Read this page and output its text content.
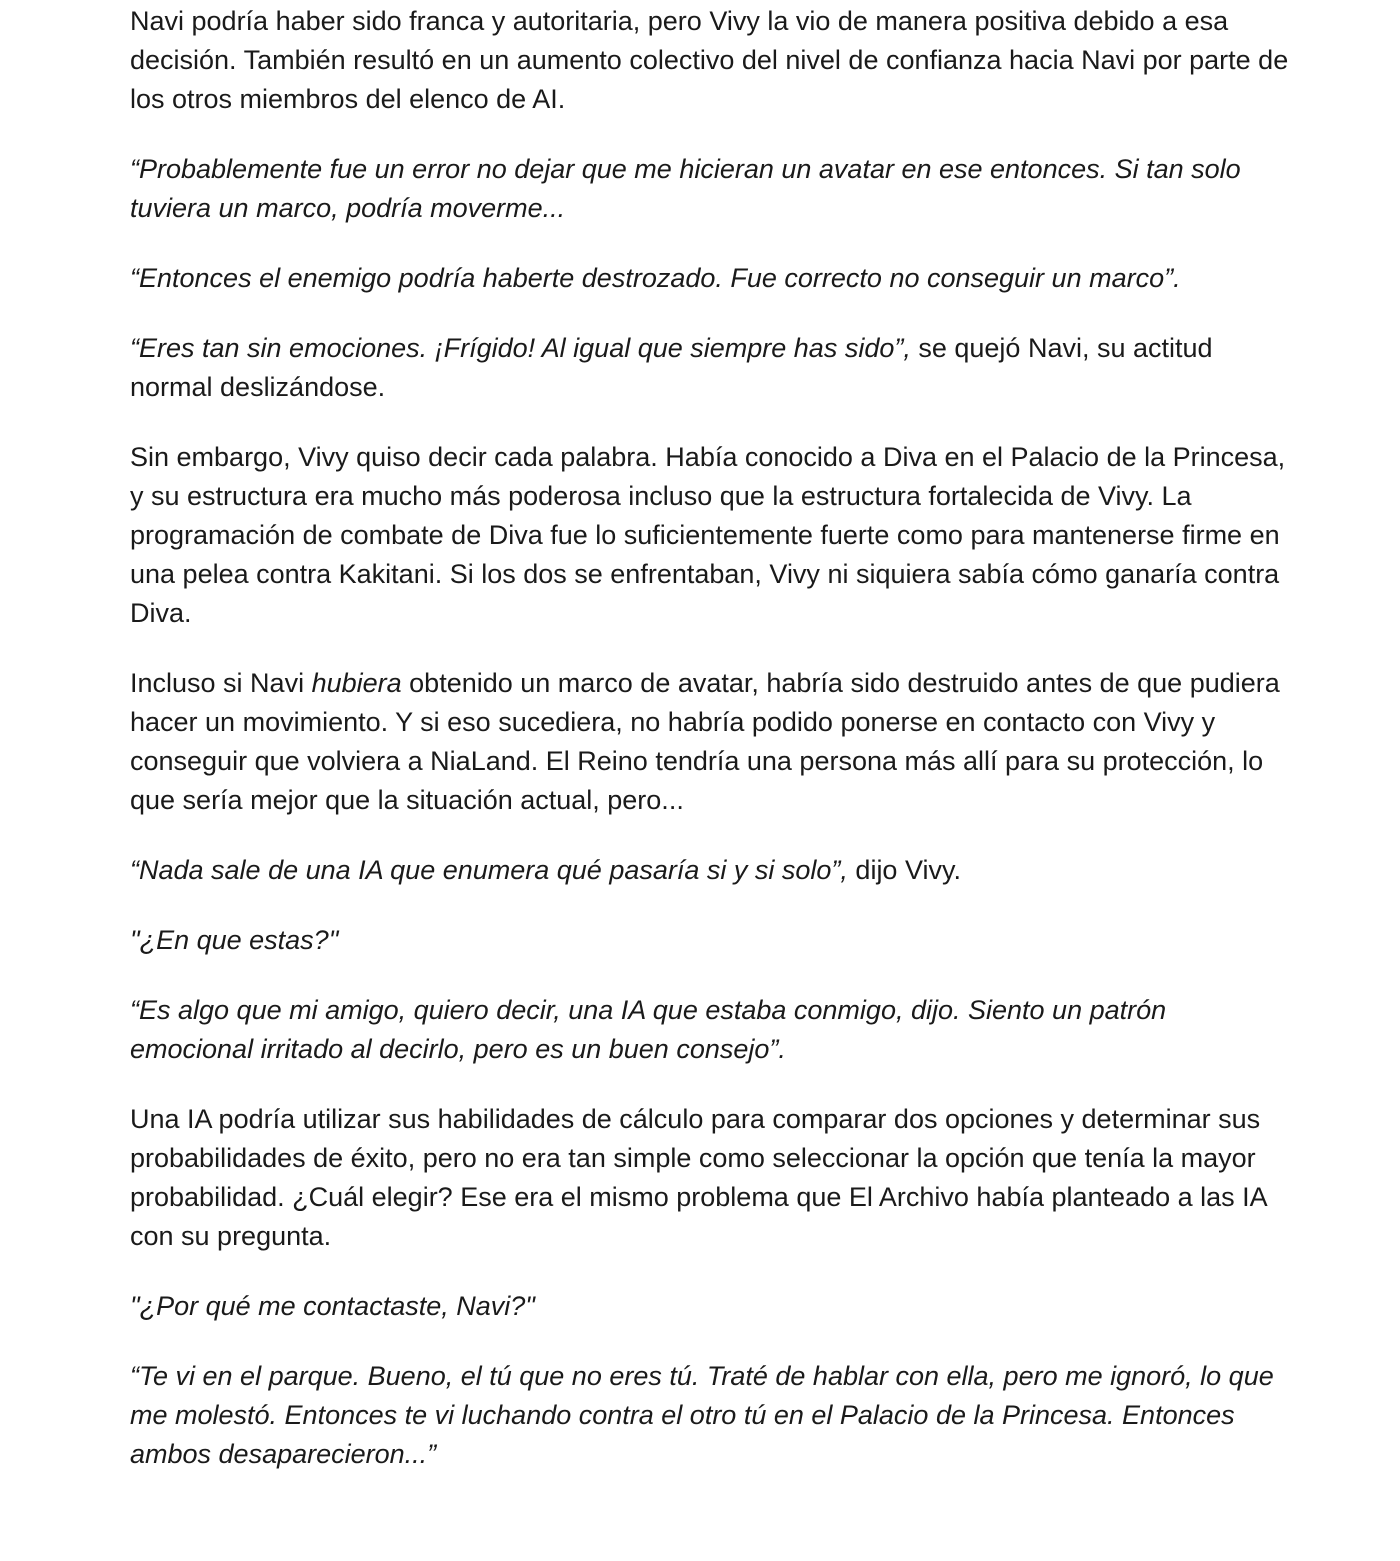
Navi podría haber sido franca y autoritaria, pero Vivy la vio de manera positiva debido a esa decisión. También resultó en un aumento colectivo del nivel de confianza hacia Navi por parte de los otros miembros del elenco de AI.

“Probablemente fue un error no dejar que me hicieran un avatar en ese entonces. Si tan solo tuviera un marco, podría moverme...

“Entonces el enemigo podría haberte destrozado. Fue correcto no conseguir un marco”.

“Eres tan sin emociones. ¡Frígido! Al igual que siempre has sido”, se quejó Navi, su actitud normal deslizándose.

Sin embargo, Vivy quiso decir cada palabra. Había conocido a Diva en el Palacio de la Princesa, y su estructura era mucho más poderosa incluso que la estructura fortalecida de Vivy. La programación de combate de Diva fue lo suficientemente fuerte como para mantenerse firme en una pelea contra Kakitani. Si los dos se enfrentaban, Vivy ni siquiera sabía cómo ganaría contra Diva.

Incluso si Navi hubiera obtenido un marco de avatar, habría sido destruido antes de que pudiera hacer un movimiento. Y si eso sucediera, no habría podido ponerse en contacto con Vivy y conseguir que volviera a NiaLand. El Reino tendría una persona más allí para su protección, lo que sería mejor que la situación actual, pero...

“Nada sale de una IA que enumera qué pasaría si y si solo”, dijo Vivy.

"¿En que estas?"

“Es algo que mi amigo, quiero decir, una IA que estaba conmigo, dijo. Siento un patrón emocional irritado al decirlo, pero es un buen consejo”.

Una IA podría utilizar sus habilidades de cálculo para comparar dos opciones y determinar sus probabilidades de éxito, pero no era tan simple como seleccionar la opción que tenía la mayor probabilidad. ¿Cuál elegir? Ese era el mismo problema que El Archivo había planteado a las IA con su pregunta.

"¿Por qué me contactaste, Navi?"

“Te vi en el parque. Bueno, el tú que no eres tú. Traté de hablar con ella, pero me ignoró, lo que me molestó. Entonces te vi luchando contra el otro tú en el Palacio de la Princesa. Entonces ambos desaparecieron...”
